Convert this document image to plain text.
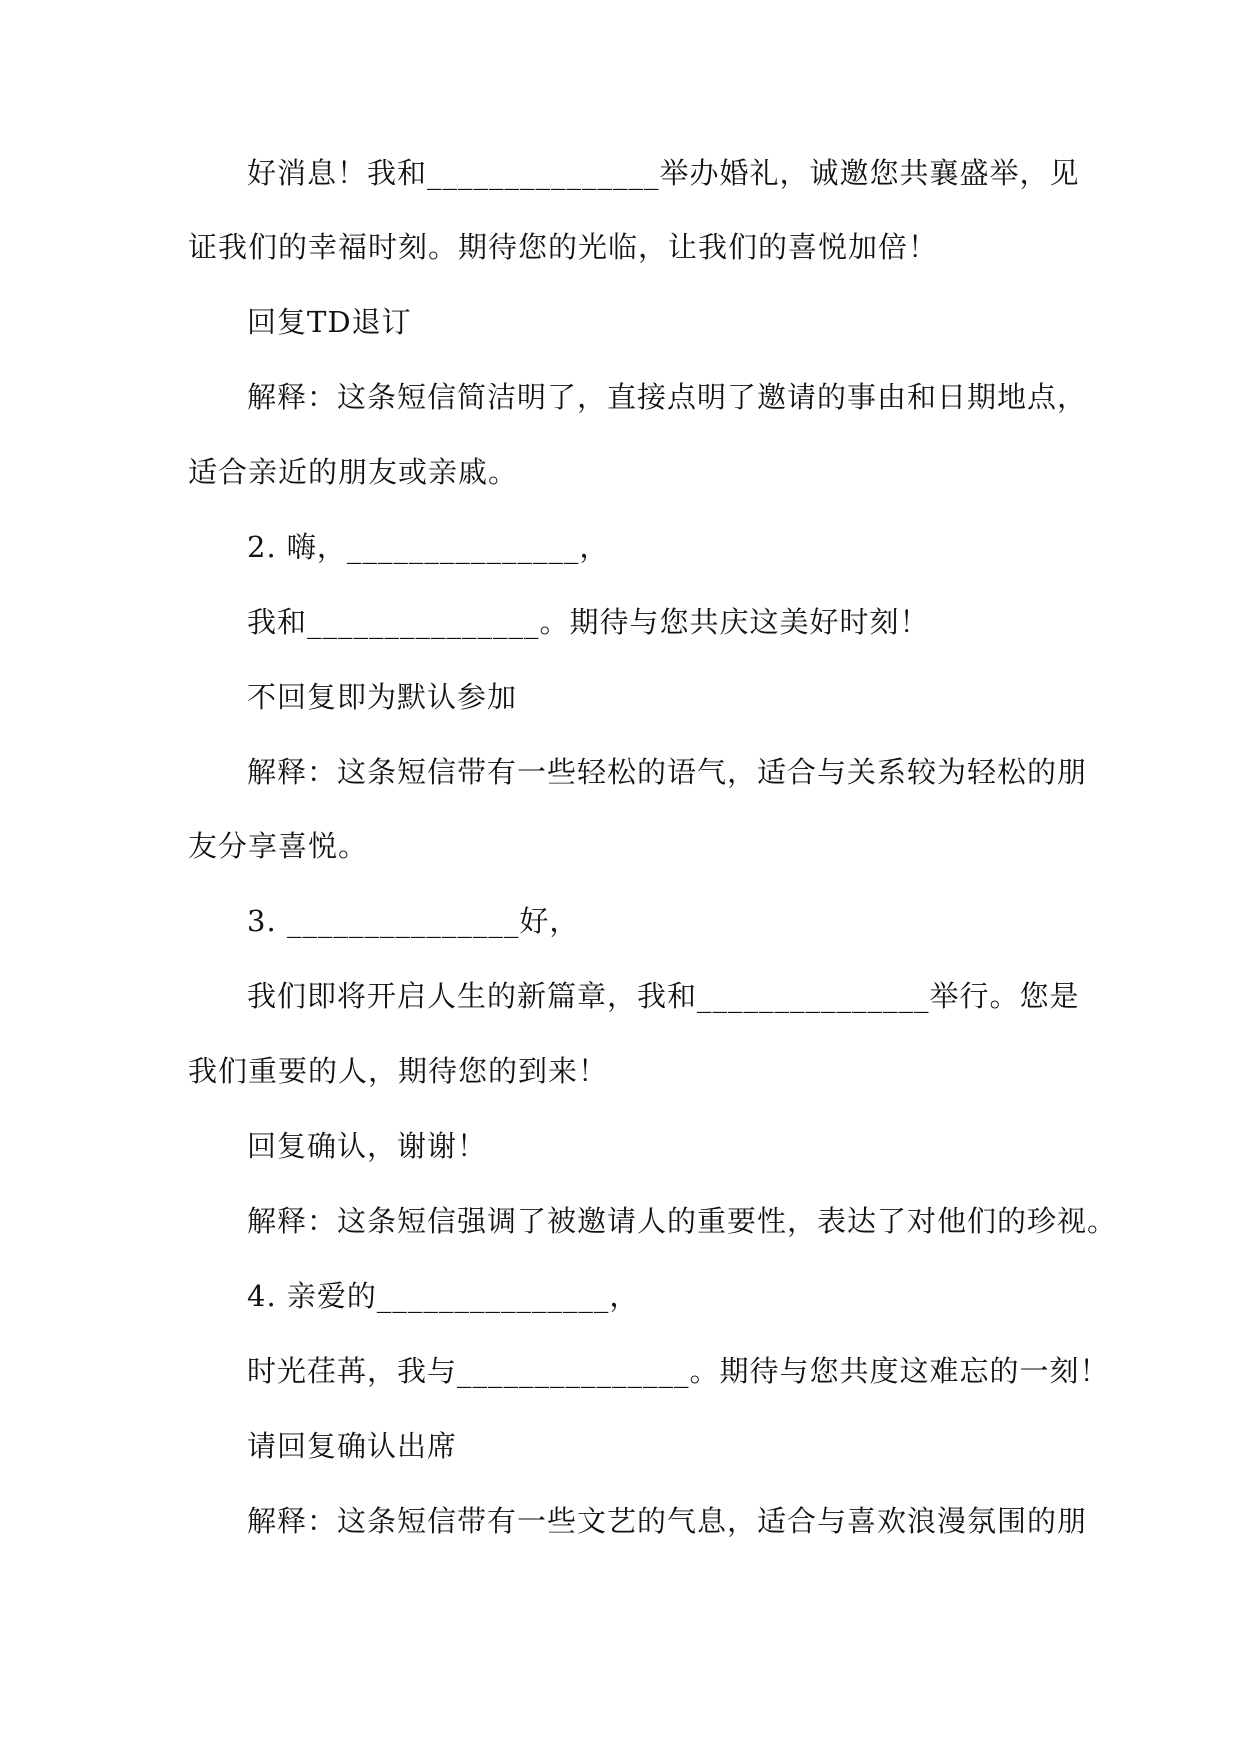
好消息！我和_______________举办婚礼，诚邀您共襄盛举，见
证我们的幸福时刻。期待您的光临，让我们的喜悦加倍！
回复TD退订
解释：这条短信简洁明了，直接点明了邀请的事由和日期地点，
适合亲近的朋友或亲戚。
2. 嗨，_______________，
我和_______________。期待与您共庆这美好时刻！
不回复即为默认参加
解释：这条短信带有一些轻松的语气，适合与关系较为轻松的朋
友分享喜悦。
3. _______________好，
我们即将开启人生的新篇章，我和_______________举行。您是
我们重要的人，期待您的到来！
回复确认，谢谢！
解释：这条短信强调了被邀请人的重要性，表达了对他们的珍视。
4. 亲爱的_______________，
时光荏苒，我与_______________。期待与您共度这难忘的一刻！
请回复确认出席
解释：这条短信带有一些文艺的气息，适合与喜欢浪漫氛围的朋
